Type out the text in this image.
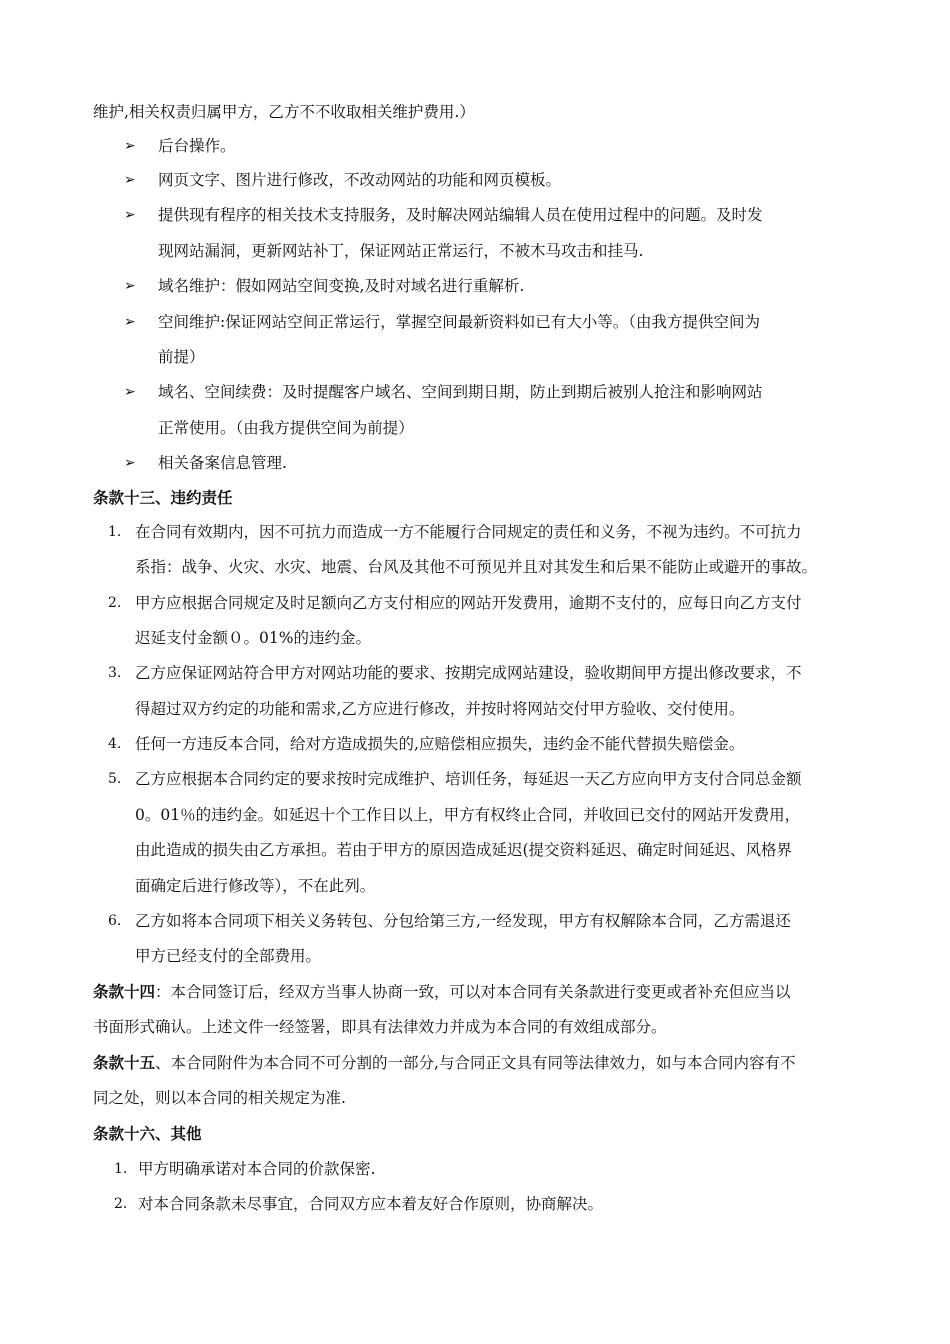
维护,相关权责归属甲方，乙方不不收取相关维护费用.）
➢ 后台操作。
➢ 网页文字、图片进行修改，不改动网站的功能和网页模板。
➢ 提供现有程序的相关技术支持服务，及时解决网站编辑人员在使用过程中的问题。及时发
现网站漏洞，更新网站补丁，保证网站正常运行，不被木马攻击和挂马.
➢ 域名维护：假如网站空间变换,及时对域名进行重解析.
➢ 空间维护:保证网站空间正常运行，掌握空间最新资料如已有大小等。（由我方提供空间为
前提）
➢ 域名、空间续费：及时提醒客户域名、空间到期日期，防止到期后被别人抢注和影响网站
正常使用。（由我方提供空间为前提）
➢ 相关备案信息管理.
条款十三、违约责任
1. 在合同有效期内，因不可抗力而造成一方不能履行合同规定的责任和义务，不视为违约。不可抗力
系指：战争、火灾、水灾、地震、台风及其他不可预见并且对其发生和后果不能防止或避开的事故。
2. 甲方应根据合同规定及时足额向乙方支付相应的网站开发费用，逾期不支付的，应每日向乙方支付
迟延支付金额０。01%的违约金。
3. 乙方应保证网站符合甲方对网站功能的要求、按期完成网站建设，验收期间甲方提出修改要求，不
得超过双方约定的功能和需求,乙方应进行修改，并按时将网站交付甲方验收、交付使用。
4. 任何一方违反本合同，给对方造成损失的,应赔偿相应损失，违约金不能代替损失赔偿金。
5. 乙方应根据本合同约定的要求按时完成维护、培训任务，每延迟一天乙方应向甲方支付合同总金额
0。01％的违约金。如延迟十个工作日以上，甲方有权终止合同，并收回已交付的网站开发费用，
由此造成的损失由乙方承担。若由于甲方的原因造成延迟(提交资料延迟、确定时间延迟、风格界
面确定后进行修改等），不在此列。
6. 乙方如将本合同项下相关义务转包、分包给第三方,一经发现，甲方有权解除本合同，乙方需退还
甲方已经支付的全部费用。
条款十四：本合同签订后，经双方当事人协商一致，可以对本合同有关条款进行变更或者补充但应当以
书面形式确认。上述文件一经签署，即具有法律效力并成为本合同的有效组成部分。
条款十五、本合同附件为本合同不可分割的一部分,与合同正文具有同等法律效力，如与本合同内容有不
同之处，则以本合同的相关规定为准.
条款十六、其他
1． 甲方明确承诺对本合同的价款保密.
2． 对本合同条款未尽事宜，合同双方应本着友好合作原则，协商解决。
